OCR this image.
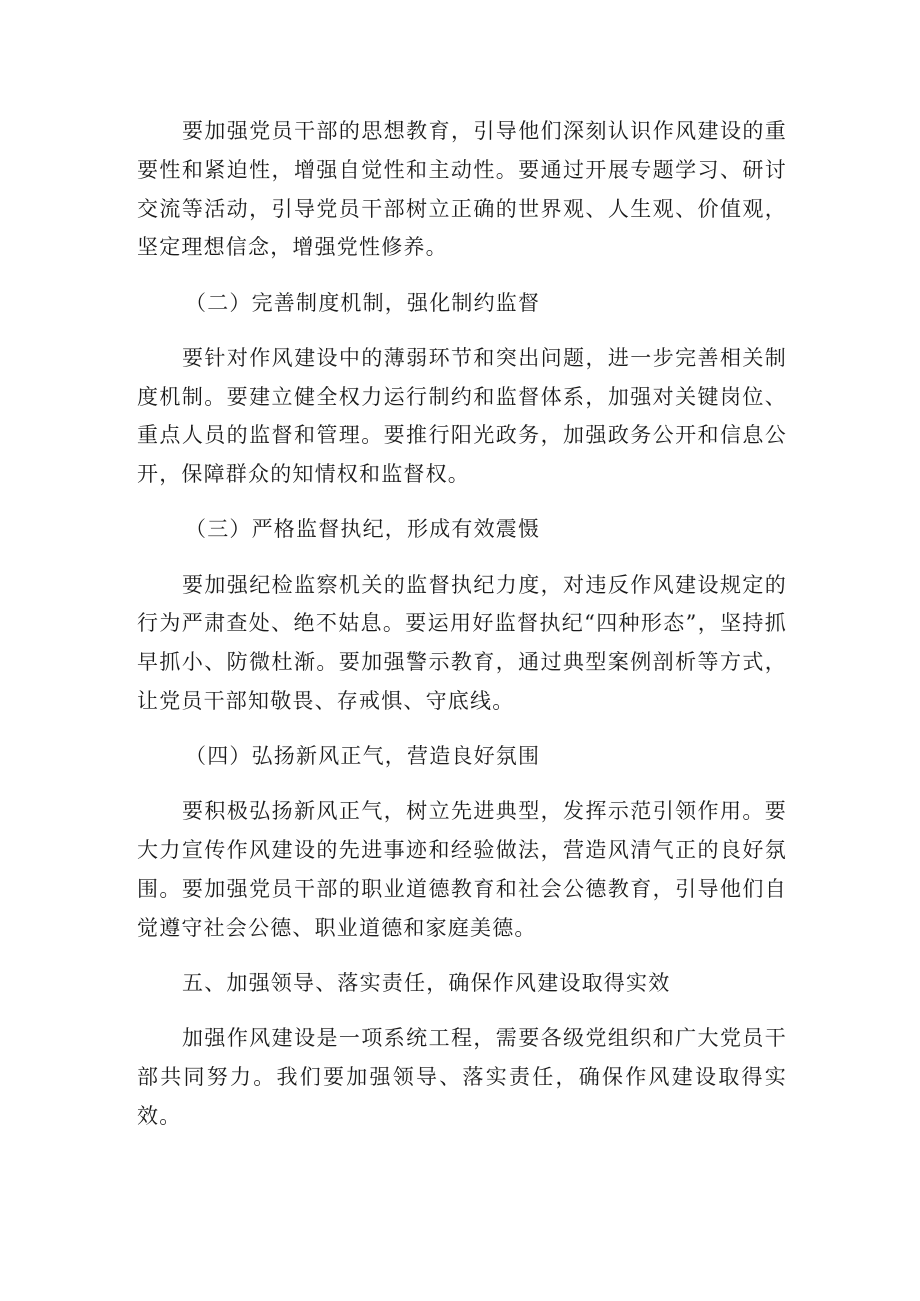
要加强党员干部的思想教育，引导他们深刻认识作风建设的重要性和紧迫性，增强自觉性和主动性。要通过开展专题学习、研讨交流等活动，引导党员干部树立正确的世界观、人生观、价值观，坚定理想信念，增强党性修养。

（二）完善制度机制，强化制约监督

要针对作风建设中的薄弱环节和突出问题，进一步完善相关制度机制。要建立健全权力运行制约和监督体系，加强对关键岗位、重点人员的监督和管理。要推行阳光政务，加强政务公开和信息公开，保障群众的知情权和监督权。

（三）严格监督执纪，形成有效震慑

要加强纪检监察机关的监督执纪力度，对违反作风建设规定的行为严肃查处、绝不姑息。要运用好监督执纪“四种形态”，坚持抓早抓小、防微杜渐。要加强警示教育，通过典型案例剖析等方式，让党员干部知敬畏、存戒惧、守底线。

（四）弘扬新风正气，营造良好氛围

要积极弘扬新风正气，树立先进典型，发挥示范引领作用。要大力宣传作风建设的先进事迹和经验做法，营造风清气正的良好氛围。要加强党员干部的职业道德教育和社会公德教育，引导他们自觉遵守社会公德、职业道德和家庭美德。

五、加强领导、落实责任，确保作风建设取得实效

加强作风建设是一项系统工程，需要各级党组织和广大党员干部共同努力。我们要加强领导、落实责任，确保作风建设取得实效。
